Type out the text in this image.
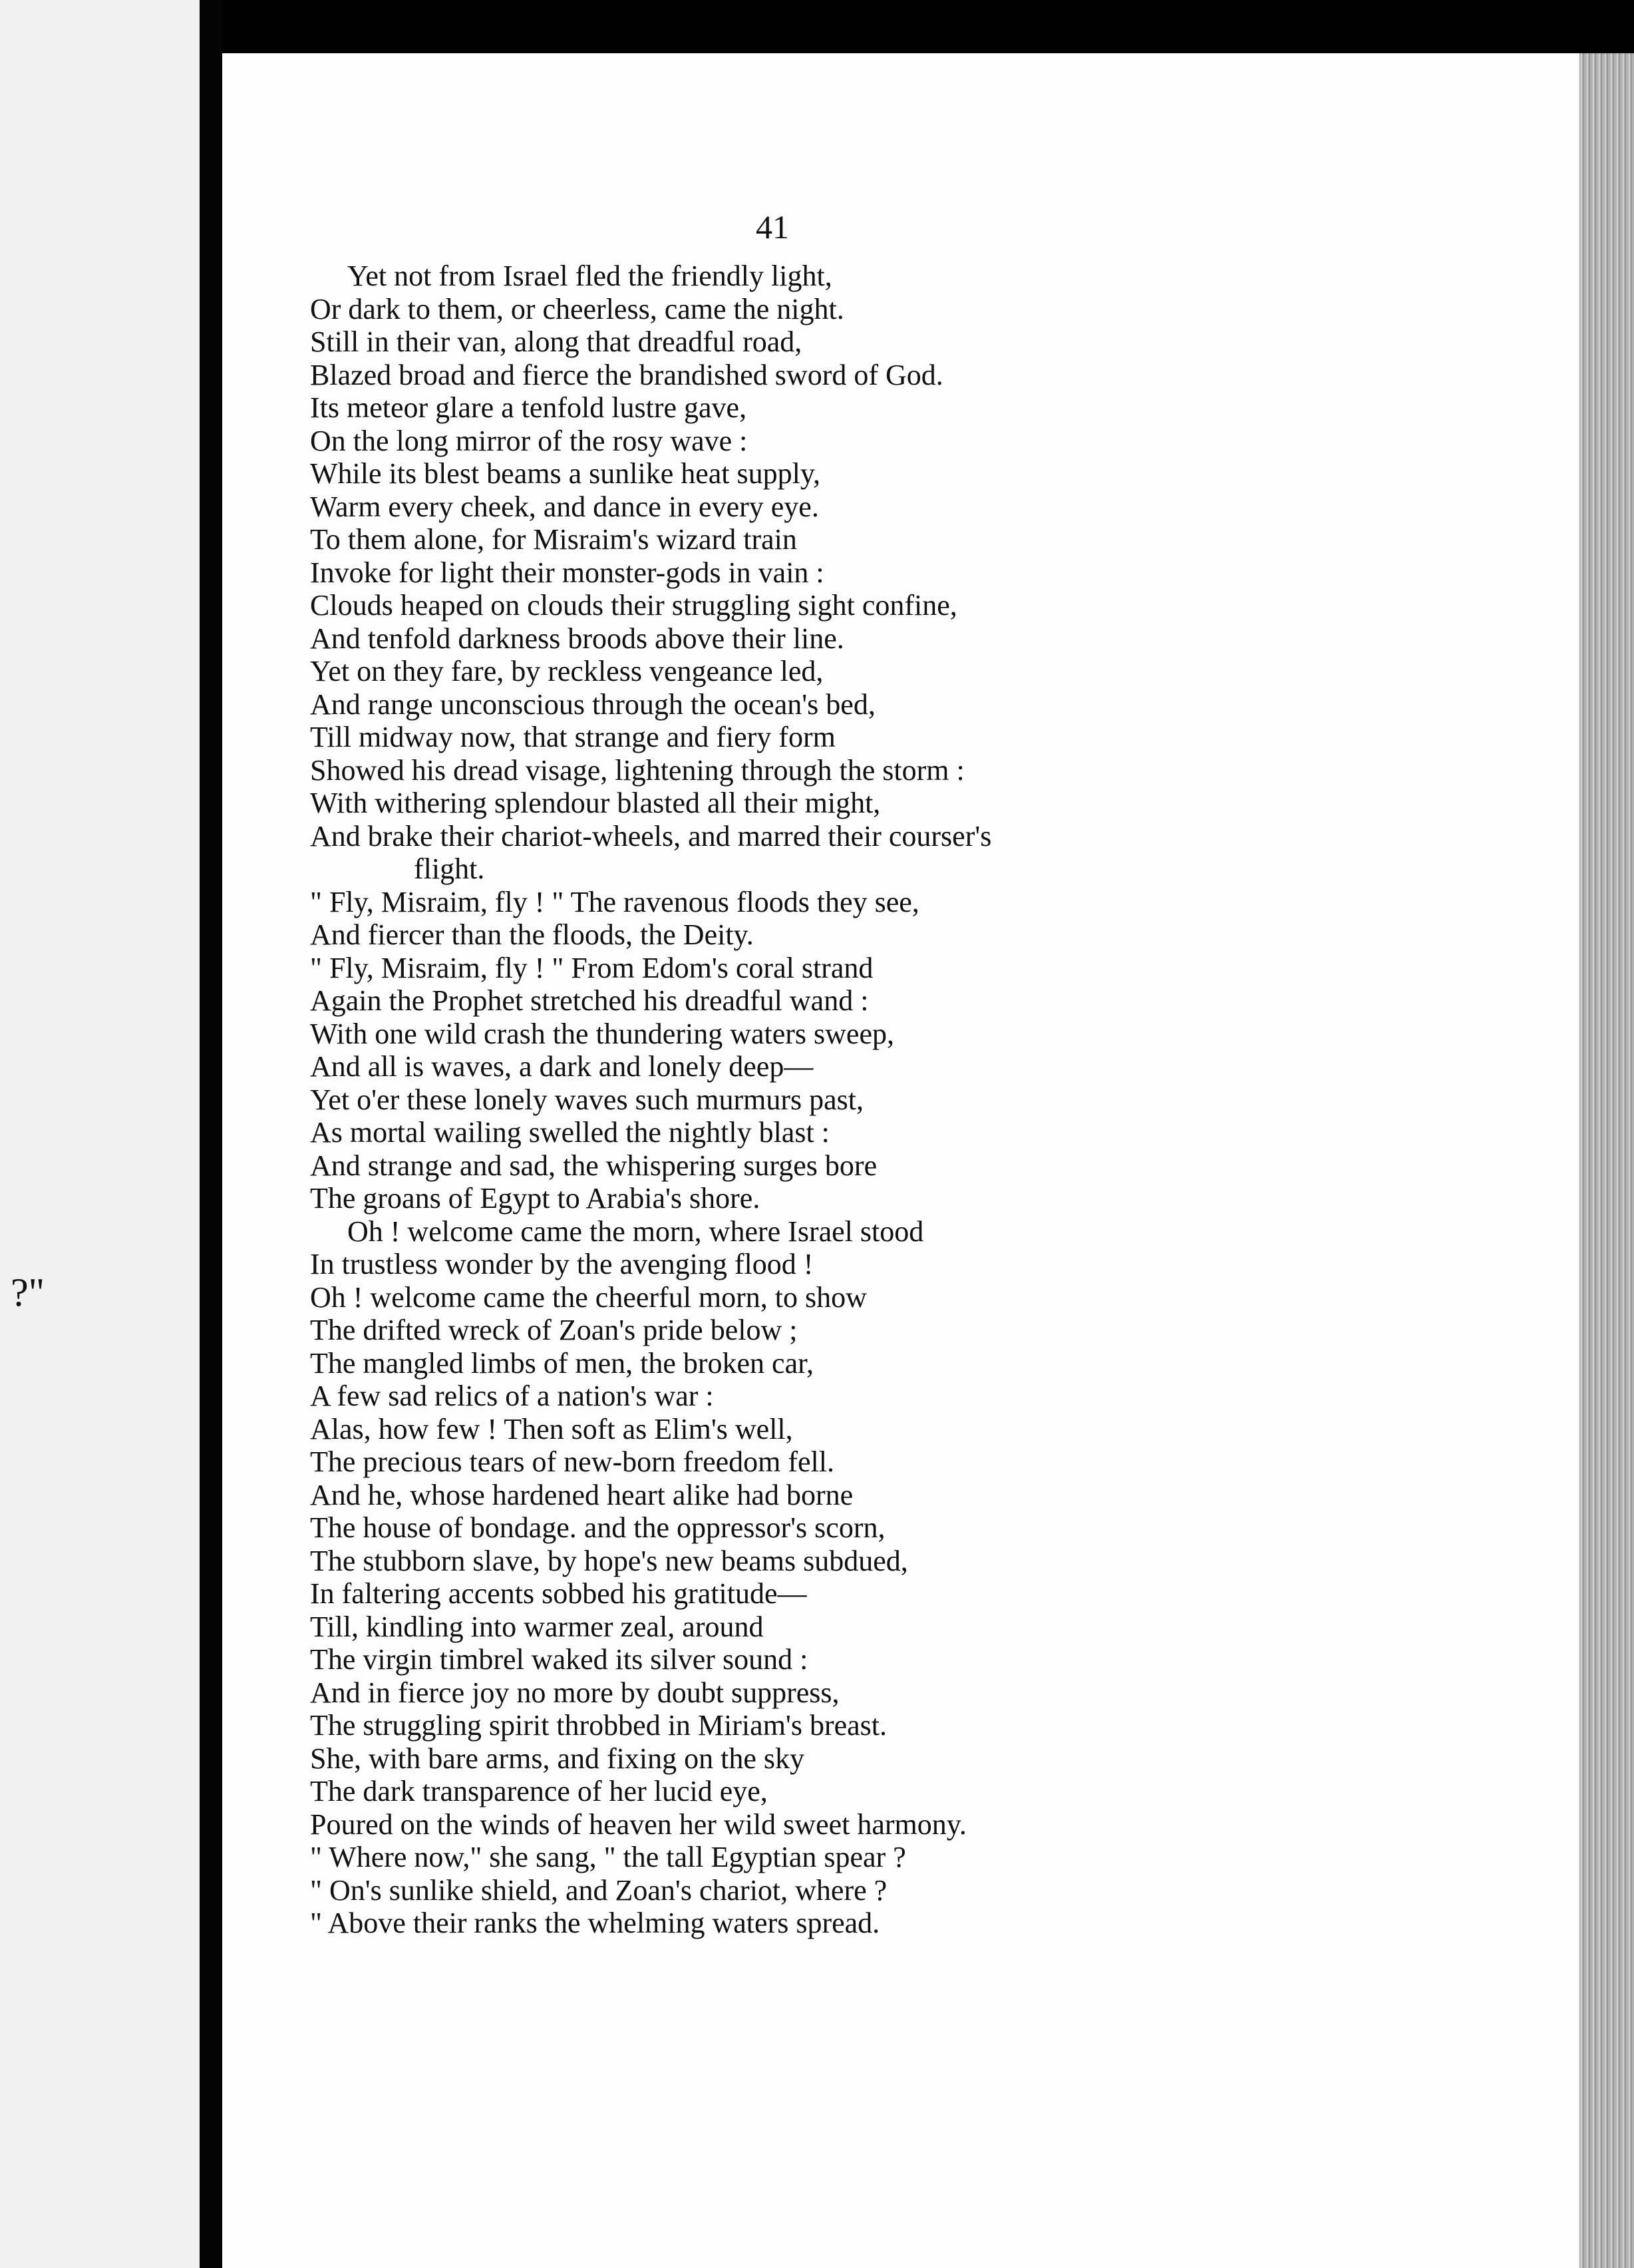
?"
41
Yet not from Israel fled the friendly light,
Or dark to them, or cheerless, came the night.
Still in their van, along that dreadful road,
Blazed broad and fierce the brandished sword of God.
Its meteor glare a tenfold lustre gave,
On the long mirror of the rosy wave :
While its blest beams a sunlike heat supply,
Warm every cheek, and dance in every eye.
To them alone, for Misraim's wizard train
Invoke for light their monster-gods in vain :
Clouds heaped on clouds their struggling sight confine,
And tenfold darkness broods above their line.
Yet on they fare, by reckless vengeance led,
And range unconscious through the ocean's bed,
Till midway now, that strange and fiery form
Showed his dread visage, lightening through the storm :
With withering splendour blasted all their might,
And brake their chariot-wheels, and marred their courser's
flight.
" Fly, Misraim, fly ! " The ravenous floods they see,
And fiercer than the floods, the Deity.
" Fly, Misraim, fly ! " From Edom's coral strand
Again the Prophet stretched his dreadful wand :
With one wild crash the thundering waters sweep,
And all is waves, a dark and lonely deep—
Yet o'er these lonely waves such murmurs past,
As mortal wailing swelled the nightly blast :
And strange and sad, the whispering surges bore
The groans of Egypt to Arabia's shore.
Oh ! welcome came the morn, where Israel stood
In trustless wonder by the avenging flood !
Oh ! welcome came the cheerful morn, to show
The drifted wreck of Zoan's pride below ;
The mangled limbs of men, the broken car,
A few sad relics of a nation's war :
Alas, how few ! Then soft as Elim's well,
The precious tears of new-born freedom fell.
And he, whose hardened heart alike had borne
The house of bondage. and the oppressor's scorn,
The stubborn slave, by hope's new beams subdued,
In faltering accents sobbed his gratitude—
Till, kindling into warmer zeal, around
The virgin timbrel waked its silver sound :
And in fierce joy no more by doubt suppress,
The struggling spirit throbbed in Miriam's breast.
She, with bare arms, and fixing on the sky
The dark transparence of her lucid eye,
Poured on the winds of heaven her wild sweet harmony.
" Where now," she sang, " the tall Egyptian spear ?
" On's sunlike shield, and Zoan's chariot, where ?
" Above their ranks the whelming waters spread.
